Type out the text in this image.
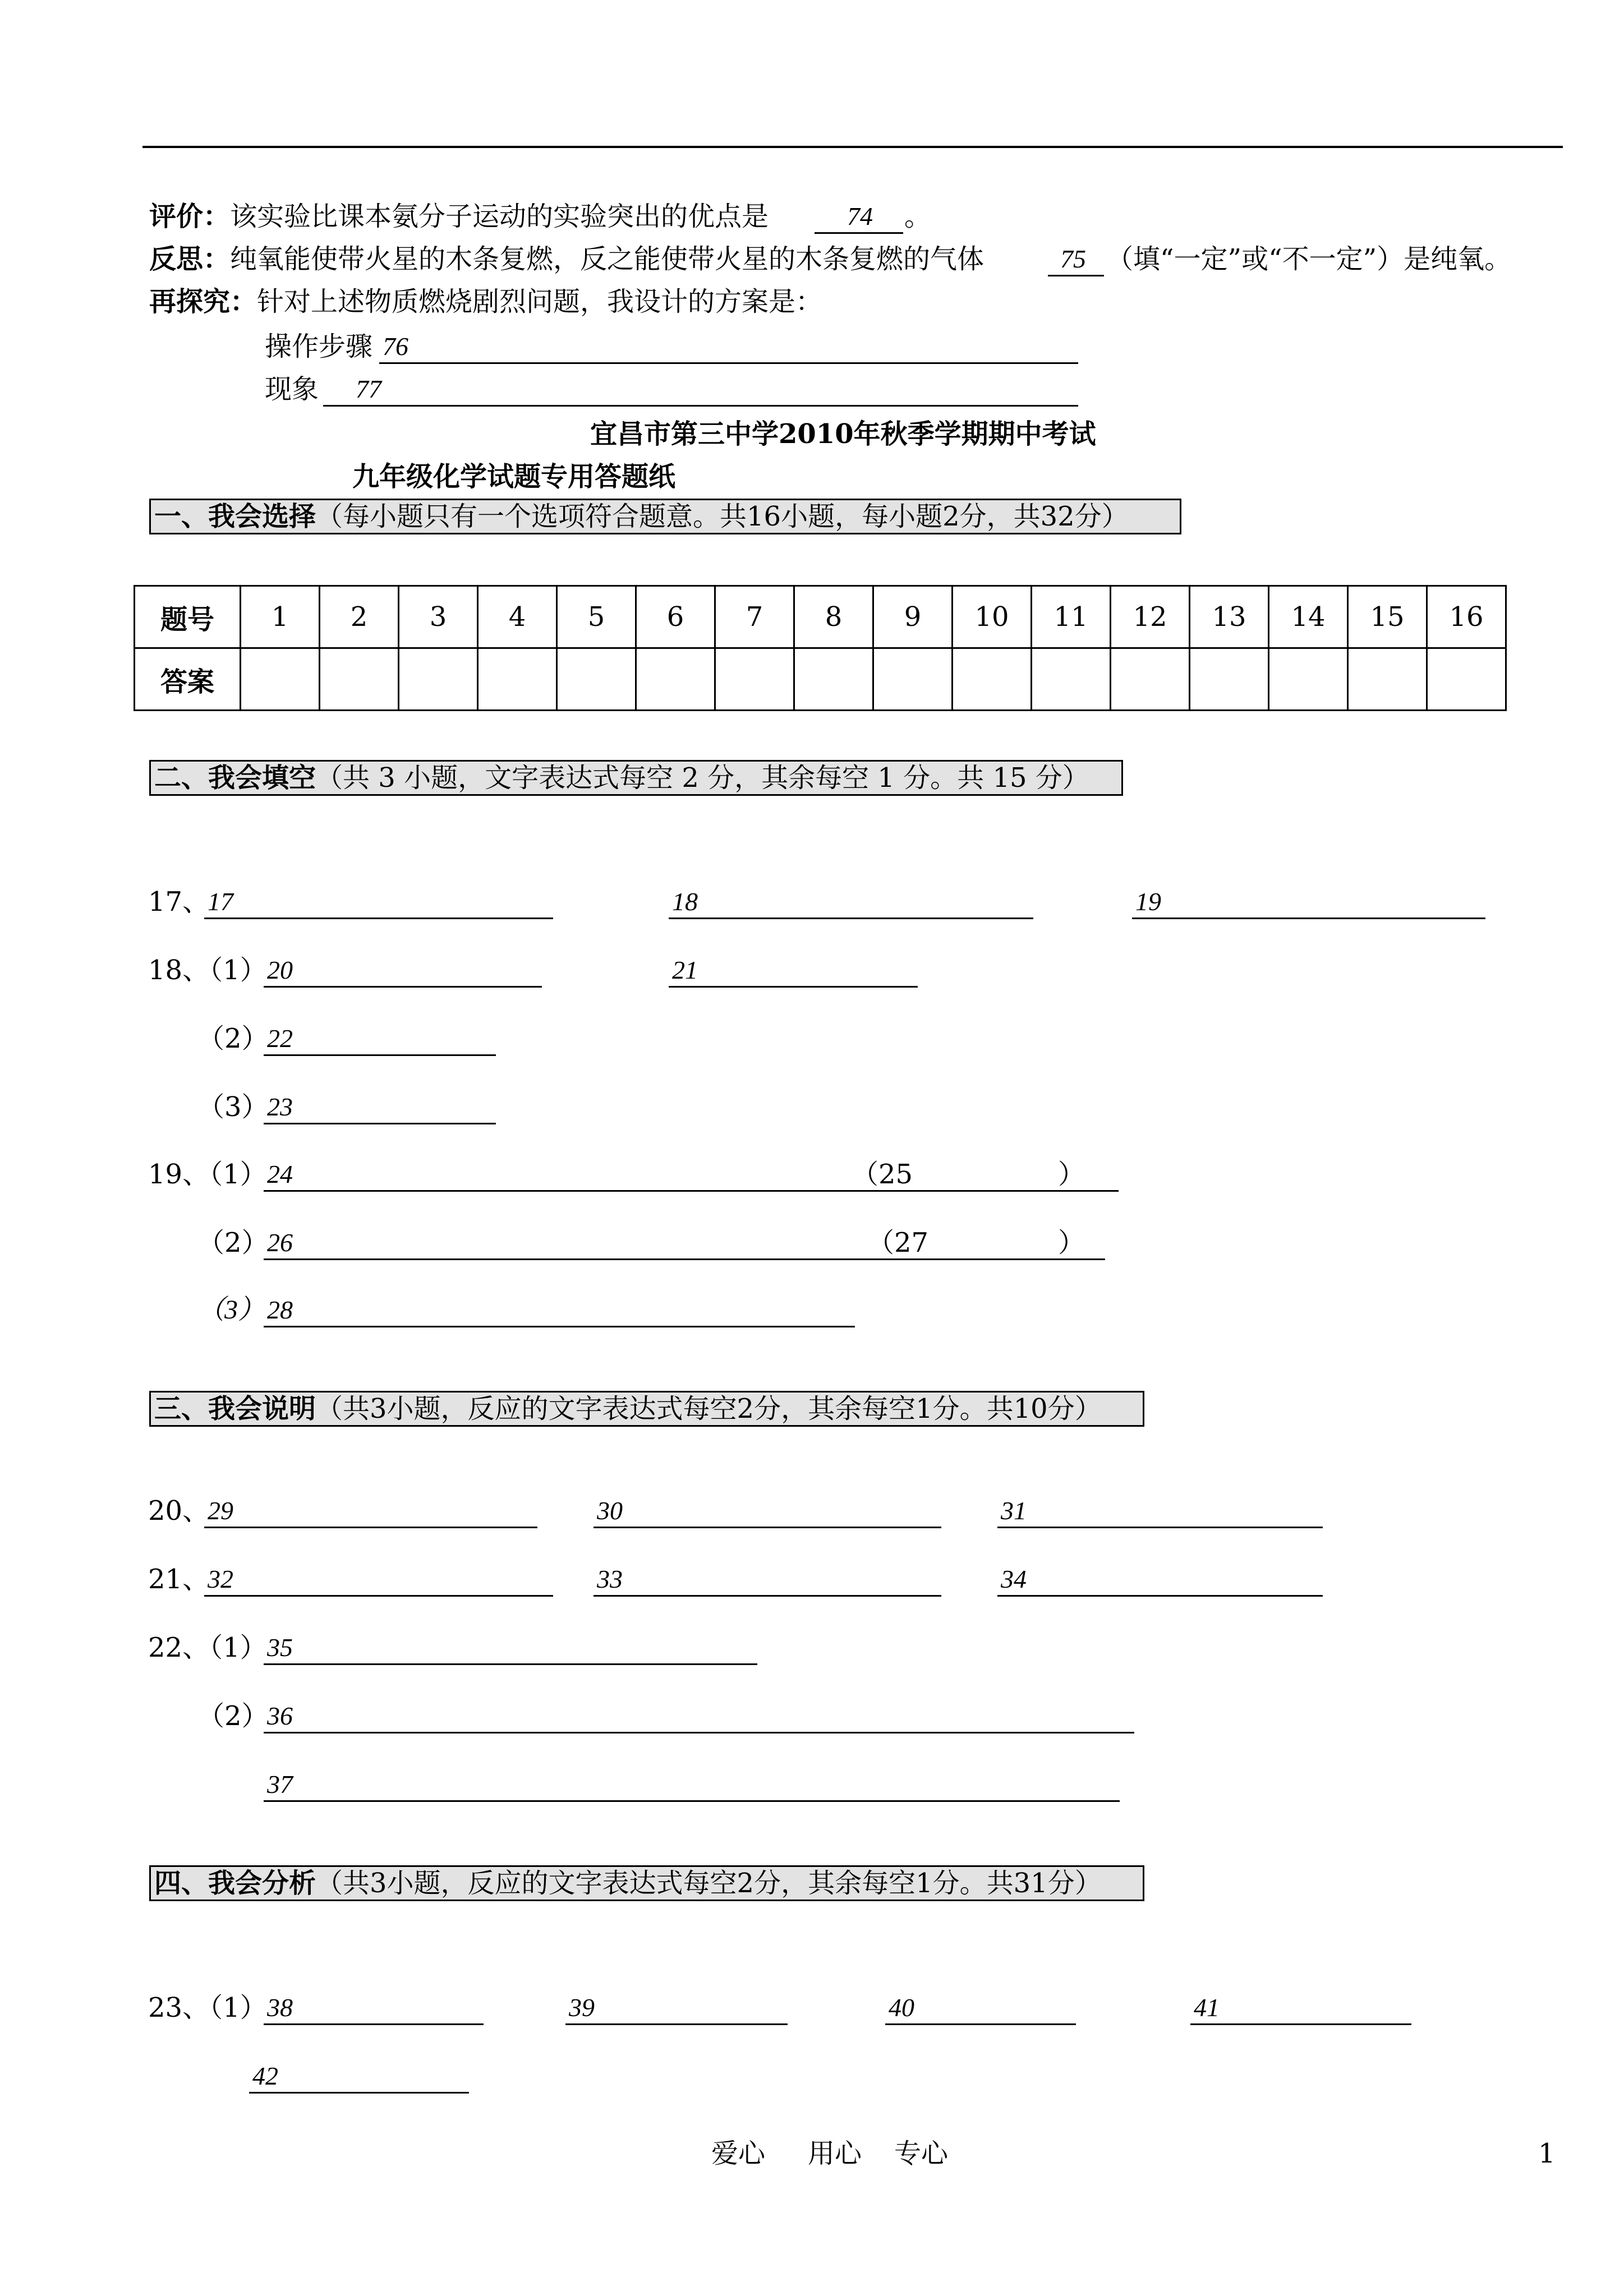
评价：该实验比课本氨分子运动的实验突出的优点是	74 。
反思：纯氧能使带火星的木条复燃，反之能使带火星的木条复燃的气体	75 （填“一定”或“不一定”）是纯氧。
再探究：针对上述物质燃烧剧烈问题，我设计的方案是：
操作步骤 76
现象 77
宜昌市第三中学2010年秋季学期期中考试
九年级化学试题专用答题纸
一、我会选择（每小题只有一个选项符合题意。共16小题，每小题2分，共32分）
题号	1	2	3	4	5	6	7	8	9	10	11	12	13	14	15	16
答案																
二、我会填空（共 3 小题，文字表达式每空 2 分，其余每空 1 分。共 15 分）
17、
17	18	19
18、（1） 20	21
（2）
22
（3）
23
19、（1） 24	（25	）
（2）
26	（27	）
（3） 28
三、我会说明（共3小题，反应的文字表达式每空2分，其余每空1分。共10分）
20、
29	30	31
21、
32	33	34
22、（1） 35
（2）
36
37
四、我会分析（共3小题，反应的文字表达式每空2分，其余每空1分。共31分）
23、（1） 38	39	40	41
42
爱心 用心 专心	1
